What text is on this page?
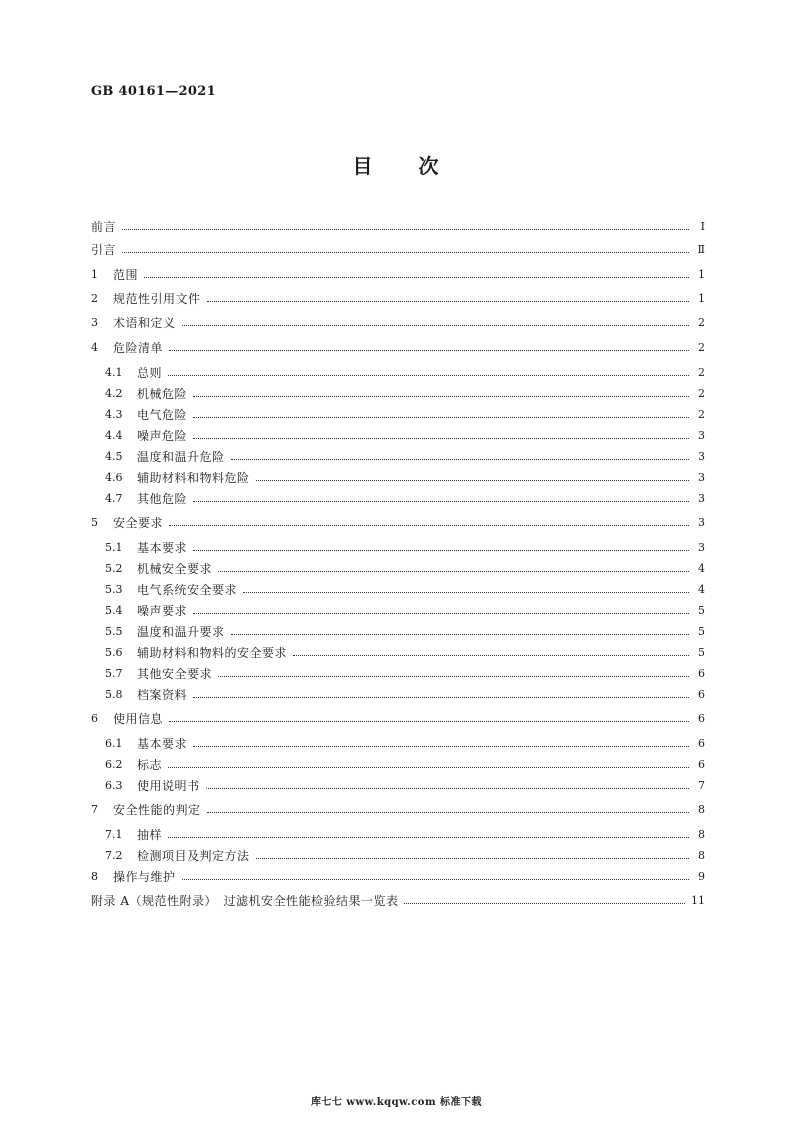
GB 40161—2021
目 次
前言	Ⅰ
引言	Ⅱ
1	范围	1
2	规范性引用文件	1
3	术语和定义	2
4	危险清单	2
4.1	总则	2
4.2	机械危险	2
4.3	电气危险	2
4.4	噪声危险	3
4.5	温度和温升危险	3
4.6	辅助材料和物料危险	3
4.7	其他危险	3
5	安全要求	3
5.1	基本要求	3
5.2	机械安全要求	4
5.3	电气系统安全要求	4
5.4	噪声要求	5
5.5	温度和温升要求	5
5.6	辅助材料和物料的安全要求	5
5.7	其他安全要求	6
5.8	档案资料	6
6	使用信息	6
6.1	基本要求	6
6.2	标志	6
6.3	使用说明书	7
7	安全性能的判定	8
7.1	抽样	8
7.2	检测项目及判定方法	8
8	操作与维护	9
附录 A（规范性附录）　过滤机安全性能检验结果一览表	11
库七七 www.kqqw.com 标准下载
